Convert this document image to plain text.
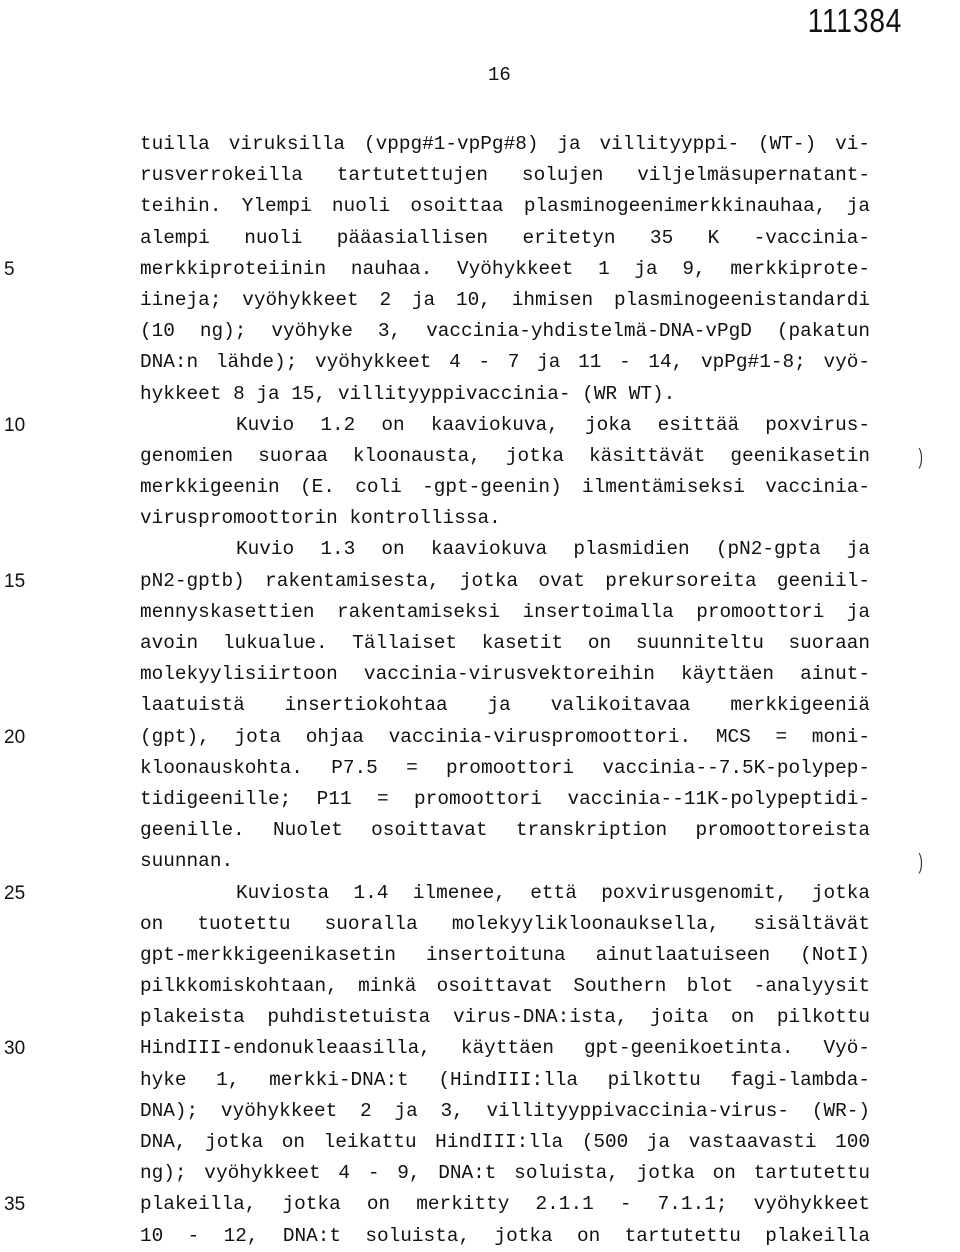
111384
16
tuilla viruksilla (vppg#1-vpPg#8) ja villityyppi- (WT-) vi-
rusverrokeilla tartutettujen solujen viljelmäsupernatant-
teihin. Ylempi nuoli osoittaa plasminogeenimerkkinauhaa, ja
alempi nuoli pääasiallisen eritetyn 35 K -vaccinia-
5	merkkiproteiinin nauhaa. Vyöhykkeet 1 ja 9, merkkiprote-
iineja; vyöhykkeet 2 ja 10, ihmisen plasminogeenistandardi
(10 ng); vyöhyke 3, vaccinia-yhdistelmä-DNA-vPgD (pakatun
DNA:n lähde); vyöhykkeet 4 - 7 ja 11 - 14, vpPg#1-8; vyö-
hykkeet 8 ja 15, villityyppivaccinia- (WR WT).
10	Kuvio 1.2 on kaaviokuva, joka esittää poxvirus-
genomien suoraa kloonausta, jotka käsittävät geenikasetin )
merkkigeenin (E. coli -gpt-geenin) ilmentämiseksi vaccinia-
viruspromoottorin kontrollissa.
Kuvio 1.3 on kaaviokuva plasmidien (pN2-gpta ja
15	pN2-gptb) rakentamisesta, jotka ovat prekursoreita geeniil-
mennyskasettien rakentamiseksi insertoimalla promoottori ja
avoin lukualue. Tällaiset kasetit on suunniteltu suoraan
molekyylisiirtoon vaccinia-virusvektoreihin käyttäen ainut-
laatuistä insertiokohtaa ja valikoitavaa merkkigeeniä
20	(gpt), jota ohjaa vaccinia-viruspromoottori. MCS = moni-
kloonauskohta. P7.5 = promoottori vaccinia--7.5K-polypep-
tidigeenille; P11 = promoottori vaccinia--11K-polypeptidi-
geenille. Nuolet osoittavat transkription promoottoreista
suunnan.	)
25	Kuviosta 1.4 ilmenee, että poxvirusgenomit, jotka
on tuotettu suoralla molekyylikloonauksella, sisältävät
gpt-merkkigeenikasetin insertoituna ainutlaatuiseen (NotI)
pilkkomiskohtaan, minkä osoittavat Southern blot -analyysit
plakeista puhdistetuista virus-DNA:ista, joita on pilkottu
30	HindIII-endonukleaasilla, käyttäen gpt-geenikoetinta. Vyö-
hyke 1, merkki-DNA:t (HindIII:lla pilkottu fagi-lambda-
DNA); vyöhykkeet 2 ja 3, villityyppivaccinia-virus- (WR-)
DNA, jotka on leikattu HindIII:lla (500 ja vastaavasti 100
ng); vyöhykkeet 4 - 9, DNA:t soluista, jotka on tartutettu
35	plakeilla, jotka on merkitty 2.1.1 - 7.1.1; vyöhykkeet
10 - 12, DNA:t soluista, jotka on tartutettu plakeilla
